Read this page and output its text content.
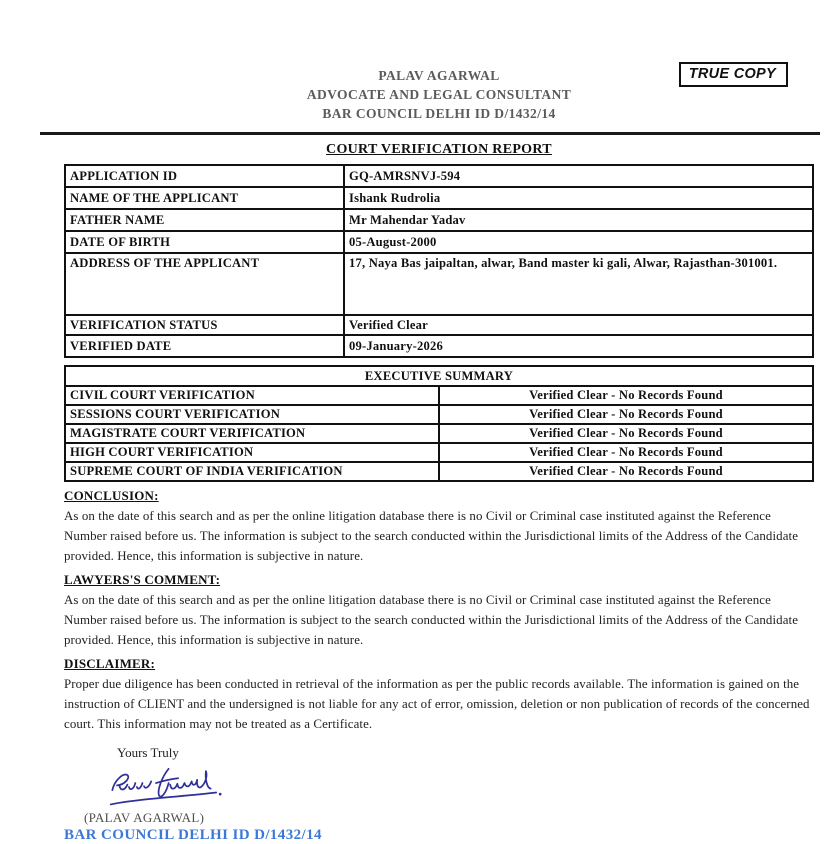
TRUE COPY
PALAV AGARWAL
ADVOCATE AND LEGAL CONSULTANT
BAR COUNCIL DELHI ID D/1432/14
COURT VERIFICATION REPORT
APPLICATION ID	GQ-AMRSNVJ-594
NAME OF THE APPLICANT	Ishank Rudrolia
FATHER NAME	Mr Mahendar Yadav
DATE OF BIRTH	05-August-2000
ADDRESS OF THE APPLICANT	17, Naya Bas jaipaltan, alwar, Band master ki gali, Alwar, Rajasthan-301001.
VERIFICATION STATUS	Verified Clear
VERIFIED DATE	09-January-2026
EXECUTIVE SUMMARY	
CIVIL COURT VERIFICATION	Verified Clear - No Records Found
SESSIONS COURT VERIFICATION	Verified Clear - No Records Found
MAGISTRATE COURT VERIFICATION	Verified Clear - No Records Found
HIGH COURT VERIFICATION	Verified Clear - No Records Found
SUPREME COURT OF INDIA VERIFICATION	Verified Clear - No Records Found
CONCLUSION:

As on the date of this search and as per the online litigation database there is no Civil or Criminal case instituted against the Reference Number raised before us. The information is subject to the search conducted within the Jurisdictional limits of the Address of the Candidate provided. Hence, this information is subjective in nature.

LAWYERS'S COMMENT:

As on the date of this search and as per the online litigation database there is no Civil or Criminal case instituted against the Reference Number raised before us. The information is subject to the search conducted within the Jurisdictional limits of the Address of the Candidate provided. Hence, this information is subjective in nature.

DISCLAIMER:

Proper due diligence has been conducted in retrieval of the information as per the public records available. The information is gained on the instruction of CLIENT and the undersigned is not liable for any act of error, omission, deletion or non publication of records of the concerned court. This information may not be treated as a Certificate.

Yours Truly
(PALAV AGARWAL)
BAR COUNCIL DELHI ID D/1432/14
